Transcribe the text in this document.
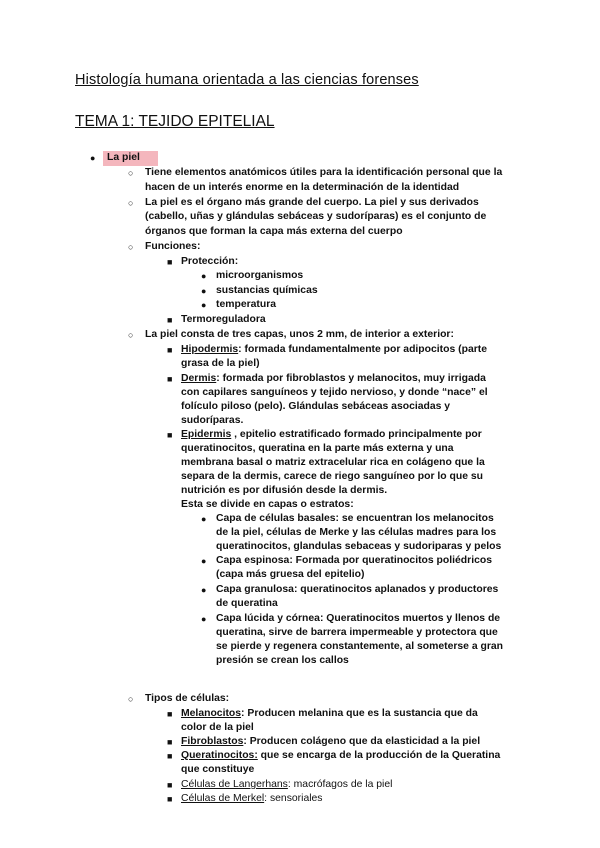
Histología humana orientada a las ciencias forenses
TEMA 1: TEJIDO EPITELIAL
●	La piel
○ Tiene elementos anatómicos útiles para la identificación personal que la
hacen de un interés enorme en la determinación de la identidad
○ La piel es el órgano más grande del cuerpo. La piel y sus derivados
(cabello, uñas y glándulas sebáceas y sudoríparas) es el conjunto de
órganos que forman la capa más externa del cuerpo
○ Funciones:
■ Protección:
● microorganismos
● sustancias químicas
● temperatura
■ Termoreguladora
○ La piel consta de tres capas, unos 2 mm, de interior a exterior:
■ Hipodermis: formada fundamentalmente por adipocitos (parte
grasa de la piel)
■ Dermis: formada por fibroblastos y melanocitos, muy irrigada
con capilares sanguíneos y tejido nervioso, y donde “nace” el
folículo piloso (pelo). Glándulas sebáceas asociadas y
sudoríparas.
■ Epidermis , epitelio estratificado formado principalmente por
queratinocitos, queratina en la parte más externa y una
membrana basal o matriz extracelular rica en colágeno que la
separa de la dermis, carece de riego sanguíneo por lo que su
nutrición es por difusión desde la dermis.
Esta se divide en capas o estratos:
● Capa de células basales: se encuentran los melanocitos
de la piel, células de Merke y las células madres para los
queratinocitos, glandulas sebaceas y sudoriparas y pelos
● Capa espinosa: Formada por queratinocitos poliédricos
(capa más gruesa del epitelio)
● Capa granulosa: queratinocitos aplanados y productores
de queratina
● Capa lúcida y córnea: Queratinocitos muertos y llenos de
queratina, sirve de barrera impermeable y protectora que
se pierde y regenera constantemente, al someterse a gran
presión se crean los callos
○ Tipos de células:
■ Melanocitos: Producen melanina que es la sustancia que da
color de la piel
■ Fibroblastos: Producen colágeno que da elasticidad a la piel
■ Queratinocitos: que se encarga de la producción de la Queratina
que constituye
■ Células de Langerhans: macrófagos de la piel
■ Células de Merkel: sensoriales
